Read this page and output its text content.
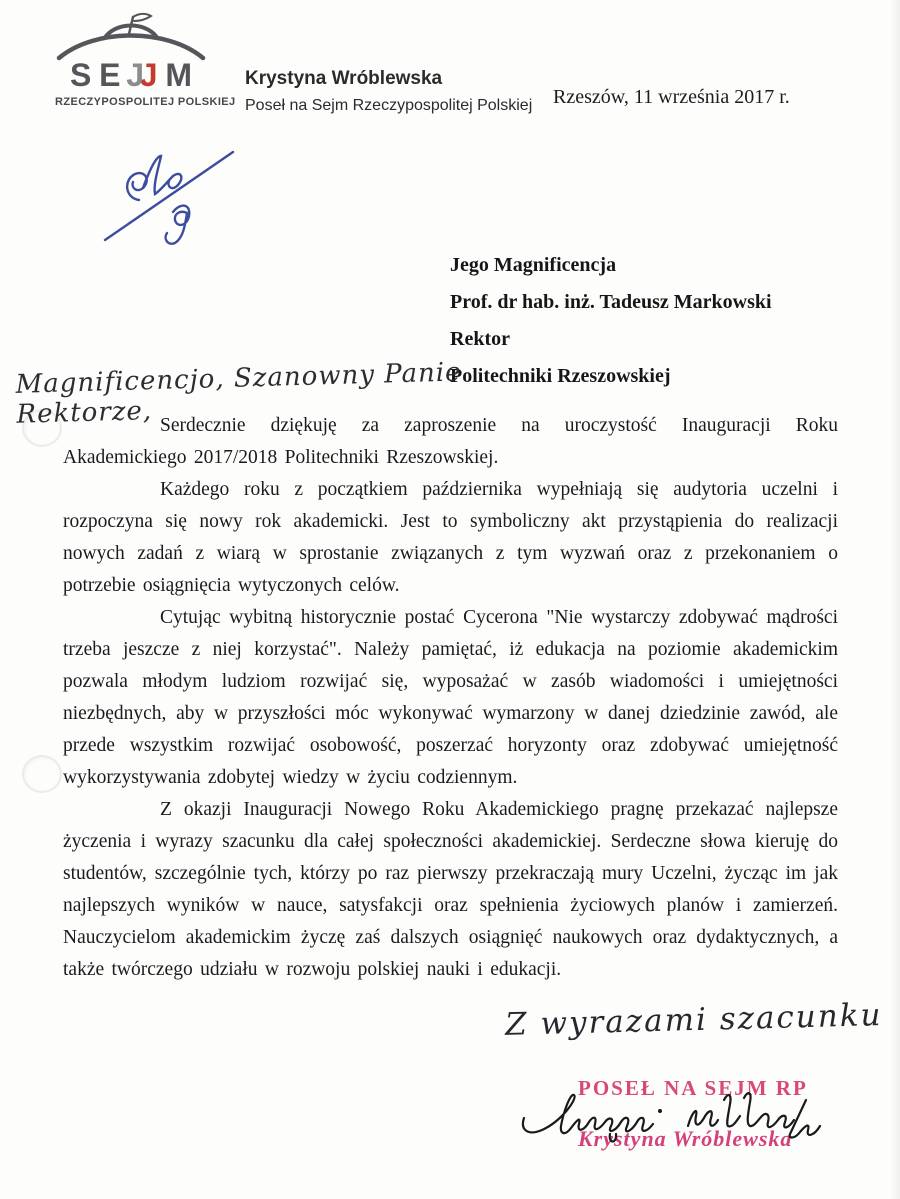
S E J
J M
RZECZYPOSPOLITEJ POLSKIEJ
Krystyna Wróblewska
Poseł na Sejm Rzeczypospolitej Polskiej Rzeszów, 11 września 2017 r.
Jego Magnificencja
Prof. dr hab. inż. Tadeusz Markowski
Rektor
Politechniki Rzeszowskiej
Magnificencjo, Szanowny Panie Rektorze, Serdecznie dziękuję za zaproszenie na uroczystość Inauguracji Roku Akademickiego 2017/2018 Politechniki Rzeszowskiej.

Każdego roku z początkiem października wypełniają się audytoria uczelni i rozpoczyna się nowy rok akademicki. Jest to symboliczny akt przystąpienia do realizacji nowych zadań z wiarą w sprostanie związanych z tym wyzwań oraz z przekonaniem o potrzebie osiągnięcia wytyczonych celów.

Cytując wybitną historycznie postać Cycerona "Nie wystarczy zdobywać mądrości trzeba jeszcze z niej korzystać". Należy pamiętać, iż edukacja na poziomie akademickim pozwala młodym ludziom rozwijać się, wyposażać w zasób wiadomości i umiejętności niezbędnych, aby w przyszłości móc wykonywać wymarzony w danej dziedzinie zawód, ale przede wszystkim rozwijać osobowość, poszerzać horyzonty oraz zdobywać umiejętność wykorzystywania zdobytej wiedzy w życiu codziennym.

Z okazji Inauguracji Nowego Roku Akademickiego pragnę przekazać najlepsze życzenia i wyrazy szacunku dla całej społeczności akademickiej. Serdeczne słowa kieruję do studentów, szczególnie tych, którzy po raz pierwszy przekraczają mury Uczelni, życząc im jak najlepszych wyników w nauce, satysfakcji oraz spełnienia życiowych planów i zamierzeń. Nauczycielom akademickim życzę zaś dalszych osiągnięć naukowych oraz dydaktycznych, a także twórczego udziału w rozwoju polskiej nauki i edukacji.

Z wyrazami szacunku
POSEŁ NA SEJM RP
Krystyna Wróblewska
